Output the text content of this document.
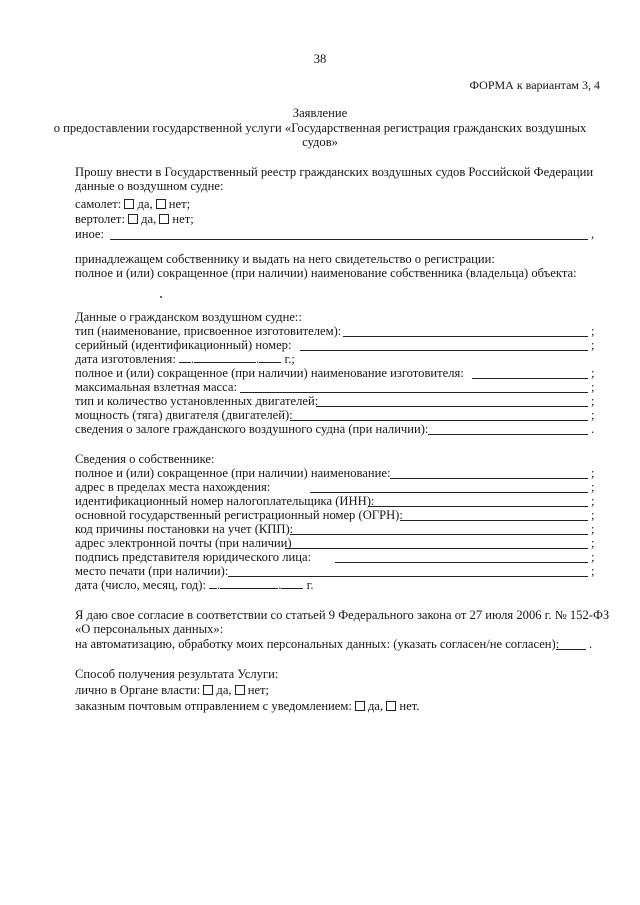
38
ФОРМА к вариантам 3, 4
Заявление
о предоставлении государственной услуги «Государственная регистрация гражданских воздушных
судов»
Прошу внести в Государственный реестр гражданских воздушных судов Российской Федерации
данные о воздушном судне:
самолет: да, нет;
вертолет: да, нет;
иное:	,
принадлежащем собственнику и выдать на него свидетельство о регистрации:
полное и (или) сокращенное (при наличии) наименование собственника (владельца) объекта:
Данные о гражданском воздушном судне::
тип (наименование, присвоенное изготовителем):	;
серийный (идентификационный) номер:	;
дата изготовления: .	. г.;
полное и (или) сокращенное (при наличии) наименование изготовителя:	;
максимальная взлетная масса:	;
тип и количество установленных двигателей:	;
мощность (тяга) двигателя (двигателей):	;
сведения о залоге гражданского воздушного судна (при наличии):	.
Сведения о собственнике:
полное и (или) сокращенное (при наличии) наименование:	;
адрес в пределах места нахождения:	;
идентификационный номер налогоплательщика (ИНН):	;
основной государственный регистрационный номер (ОГРН):	;
код причины постановки на учет (КПП):	;
адрес электронной почты (при наличии)	;
подпись представителя юридического лица:	;
место печати (при наличии):	;
дата (число, месяц, год): .	. г.
Я даю свое согласие в соответствии со статьей 9 Федерального закона от 27 июля 2006 г. № 152-ФЗ
«О персональных данных»:
на автоматизацию, обработку моих персональных данных: (указать согласен/не согласен): .
Способ получения результата Услуги:
лично в Органе власти: да, нет;
заказным почтовым отправлением с уведомлением: да, нет.
